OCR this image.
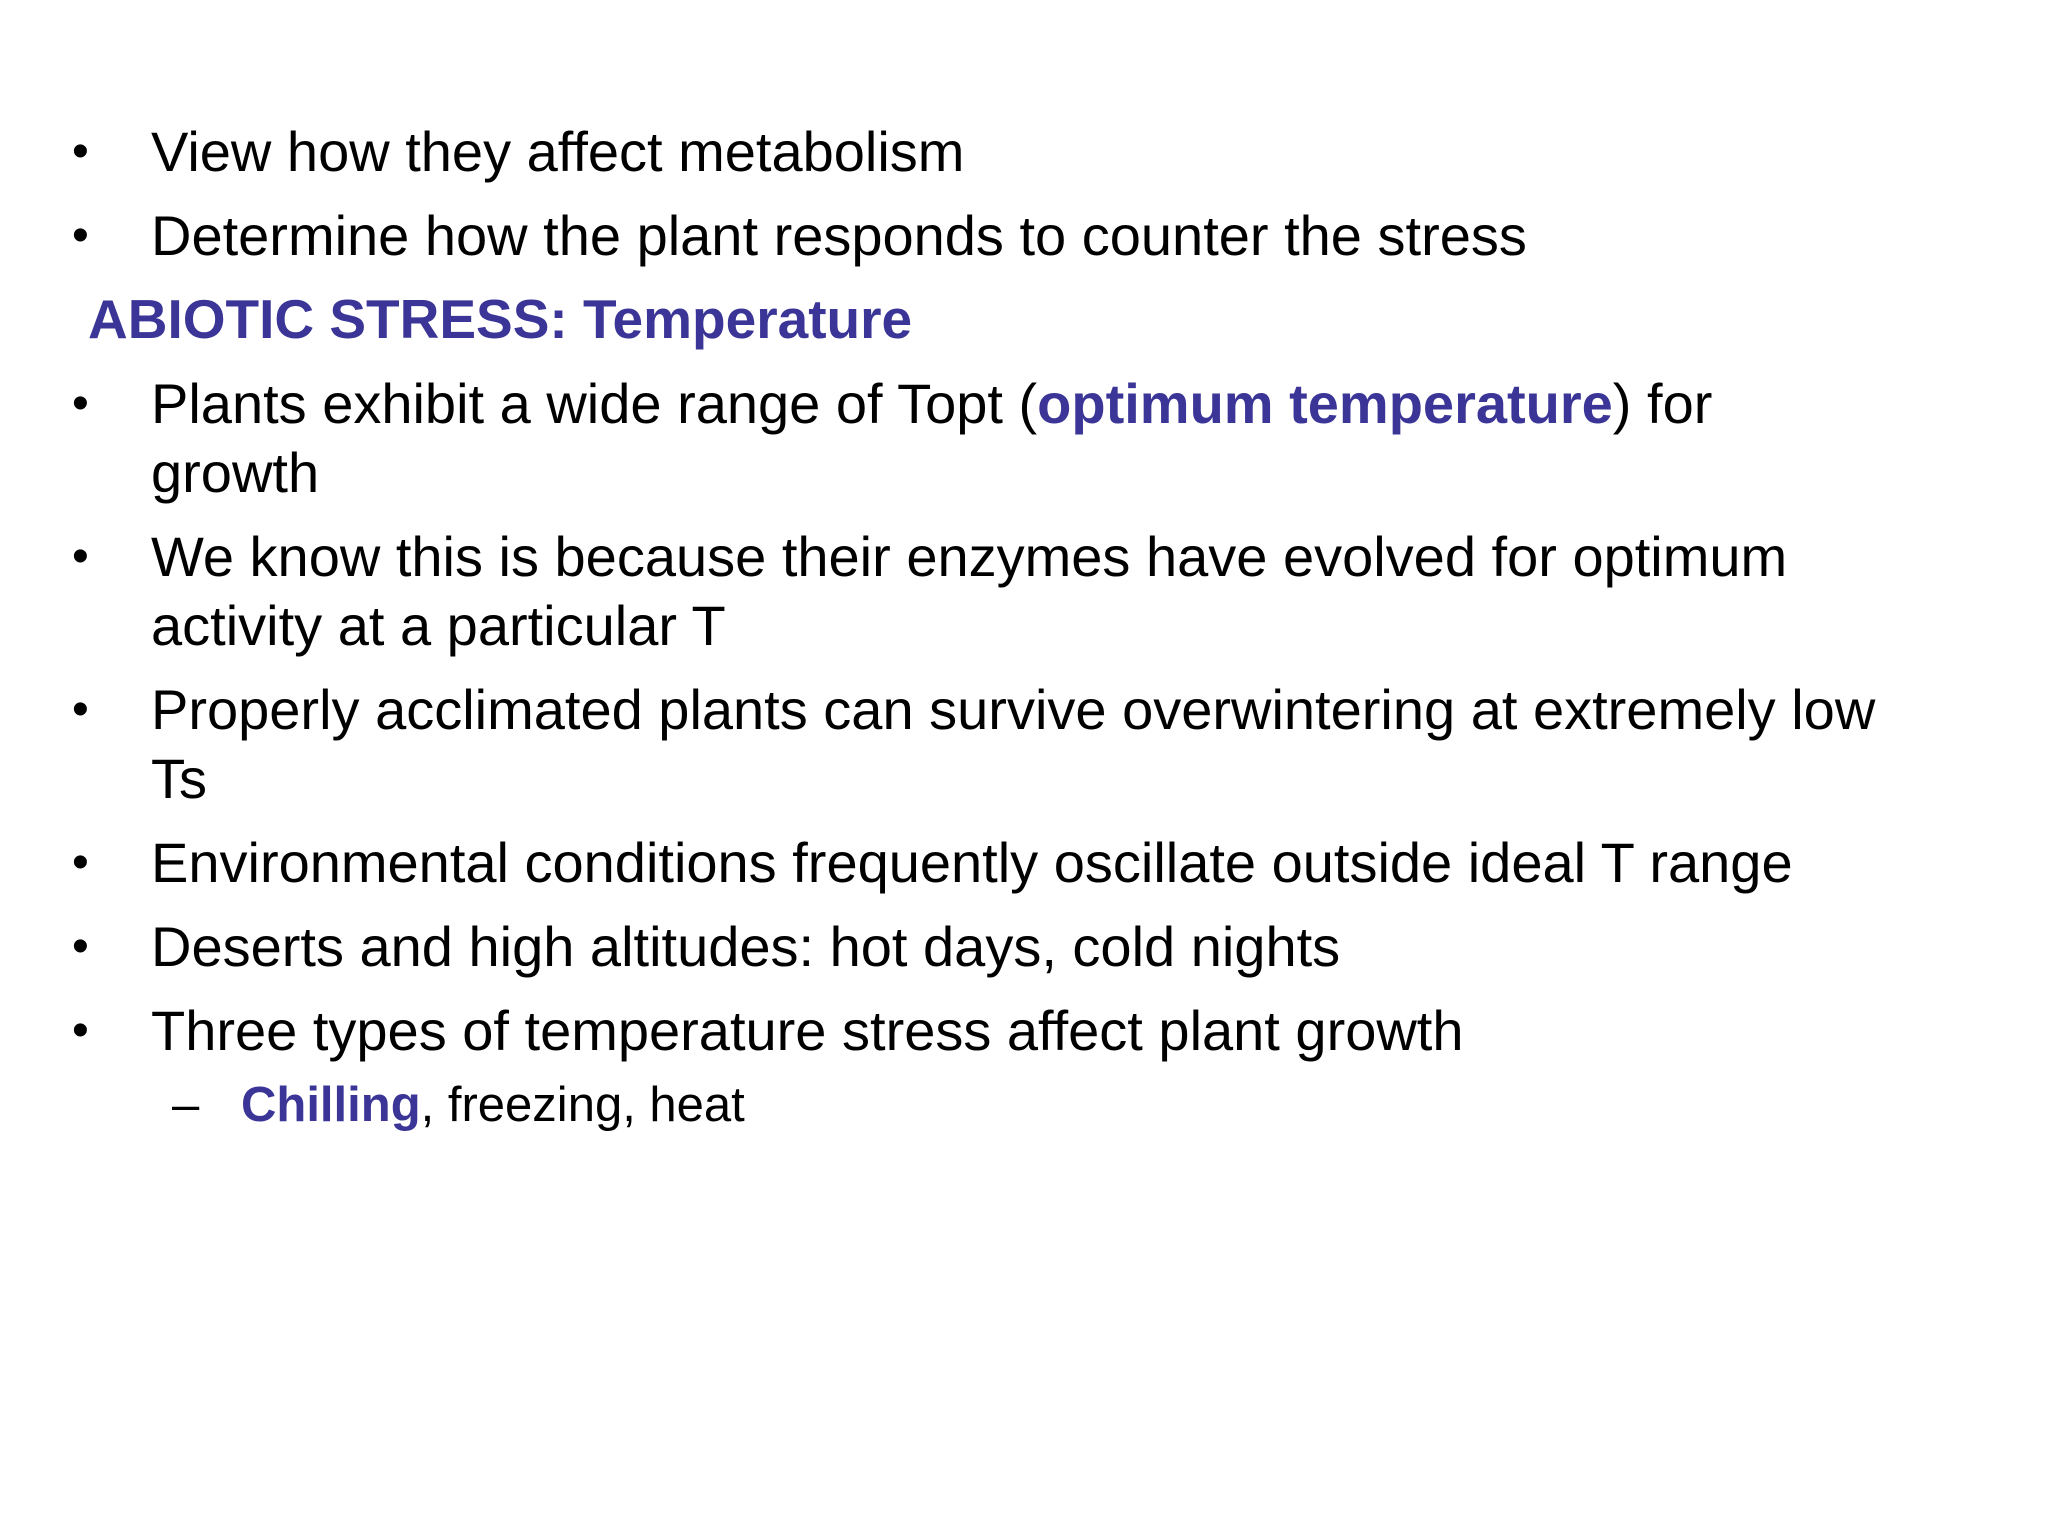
• View how they affect metabolism
• Determine how the plant responds to counter the stress
ABIOTIC STRESS: Temperature
• Plants exhibit a wide range of Topt (optimum temperature) for
growth
• We know this is because their enzymes have evolved for optimum
activity at a particular T
• Properly acclimated plants can survive overwintering at extremely low
Ts
• Environmental conditions frequently oscillate outside ideal T range
• Deserts and high altitudes: hot days, cold nights
• Three types of temperature stress affect plant growth
– Chilling, freezing, heat
